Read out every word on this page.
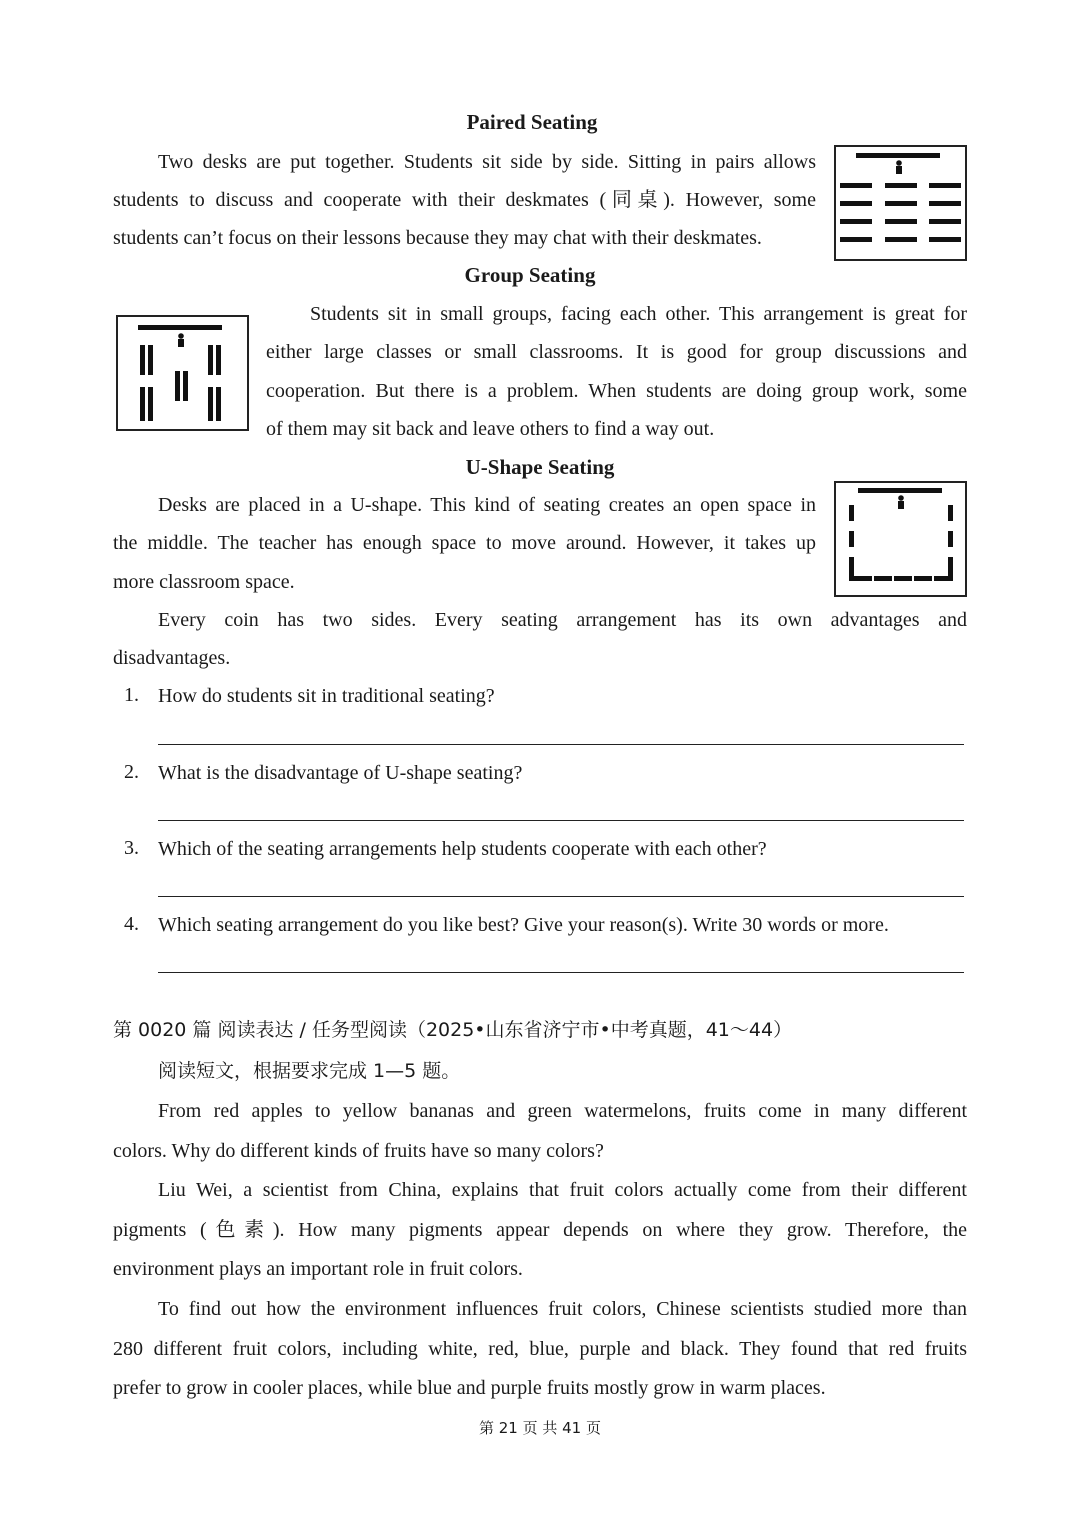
Paired Seating
Two desks are put together. Students sit side by side. Sitting in pairs allows
students to discuss and cooperate with their deskmates (同桌). However, some
students can’t focus on their lessons because they may chat with their deskmates.
Group Seating
Students sit in small groups, facing each other. This arrangement is great for
either large classes or small classrooms. It is good for group discussions and
cooperation. But there is a problem. When students are doing group work, some
of them may sit back and leave others to find a way out.
U-Shape Seating
Desks are placed in a U-shape. This kind of seating creates an open space in
the middle. The teacher has enough space to move around. However, it takes up
more classroom space.
Every coin has two sides. Every seating arrangement has its own advantages and
disadvantages.
1. How do students sit in traditional seating?
2. What is the disadvantage of U-shape seating?
3. Which of the seating arrangements help students cooperate with each other?
4. Which seating arrangement do you like best? Give your reason(s). Write 30 words or more.
第 0020 篇 阅读表达 / 任务型阅读（2025•山东省济宁市•中考真题，41～44）
阅读短文，根据要求完成 1—5 题。
From red apples to yellow bananas and green watermelons, fruits come in many different
colors. Why do different kinds of fruits have so many colors?
Liu Wei, a scientist from China, explains that fruit colors actually come from their different
pigments (色素). How many pigments appear depends on where they grow. Therefore, the
environment plays an important role in fruit colors.
To find out how the environment influences fruit colors, Chinese scientists studied more than
280 different fruit colors, including white, red, blue, purple and black. They found that red fruits
prefer to grow in cooler places, while blue and purple fruits mostly grow in warm places.
第 21 页 共 41 页
